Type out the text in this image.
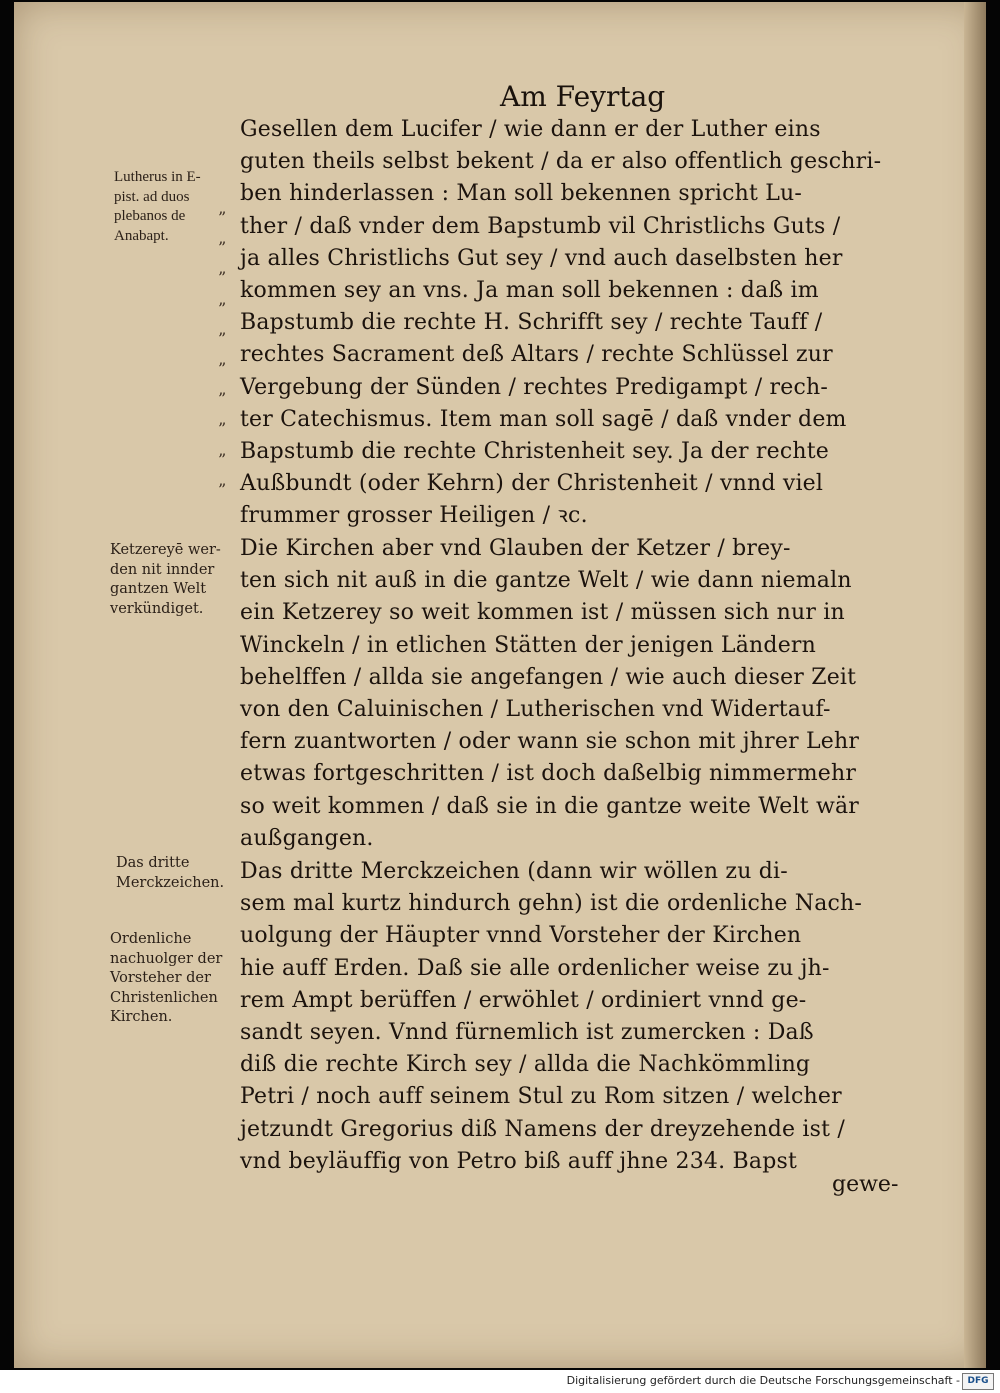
Am Feyrtag

Gesellen dem Lucifer / wie dann er der Luther eins
guten theils selbst bekent / da er also offentlich geschri-
ben hinderlassen : Man soll bekennen spricht Lu-
ther / daß vnder dem Bapstumb vil Christlichs Guts /
ja alles Christlichs Gut sey / vnd auch daselbsten her
kommen sey an vns. Ja man soll bekennen : daß im
Bapstumb die rechte H. Schrifft sey / rechte Tauff /
rechtes Sacrament deß Altars / rechte Schlüssel zur
Vergebung der Sünden / rechtes Predigampt / rech-
ter Catechismus. Item man soll sagē / daß vnder dem
Bapstumb die rechte Christenheit sey. Ja der rechte
Außbundt (oder Kehrn) der Christenheit / vnnd viel
frummer grosser Heiligen / ꝛc.

Die Kirchen aber vnd Glauben der Ketzer / brey-
ten sich nit auß in die gantze Welt / wie dann niemaln
ein Ketzerey so weit kommen ist / müssen sich nur in
Winckeln / in etlichen Stätten der jenigen Ländern
behelffen / allda sie angefangen / wie auch dieser Zeit
von den Caluinischen / Lutherischen vnd Widertauf-
fern zuantworten / oder wann sie schon mit jhrer Lehr
etwas fortgeschritten / ist doch daßelbig nimmermehr
so weit kommen / daß sie in die gantze weite Welt wär
außgangen.

Das dritte Merckzeichen (dann wir wöllen zu di-
sem mal kurtz hindurch gehn) ist die ordenliche Nach-
uolgung der Häupter vnnd Vorsteher der Kirchen
hie auff Erden. Daß sie alle ordenlicher weise zu jh-
rem Ampt berüffen / erwöhlet / ordiniert vnnd ge-
sandt seyen. Vnnd fürnemlich ist zumercken : Daß
diß die rechte Kirch sey / allda die Nachkömmling
Petri / noch auff seinem Stul zu Rom sitzen / welcher
jetzundt Gregorius diß Namens der dreyzehende ist /
vnd beyläuffig von Petro biß auff jhne 234. Bapst

gewe-
Lutherus in E-
pist. ad duos
plebanos de
Anabapt.
”
”
”
”
”
”
”
”
”
”
Ketzereyē wer-
den nit innder
gantzen Welt
verkündiget.
Das dritte
Merckzeichen.
Ordenliche
nachuolger der
Vorsteher der
Christenlichen
Kirchen.
Digitalisierung gefördert durch die Deutsche Forschungsgemeinschaft - DFG
